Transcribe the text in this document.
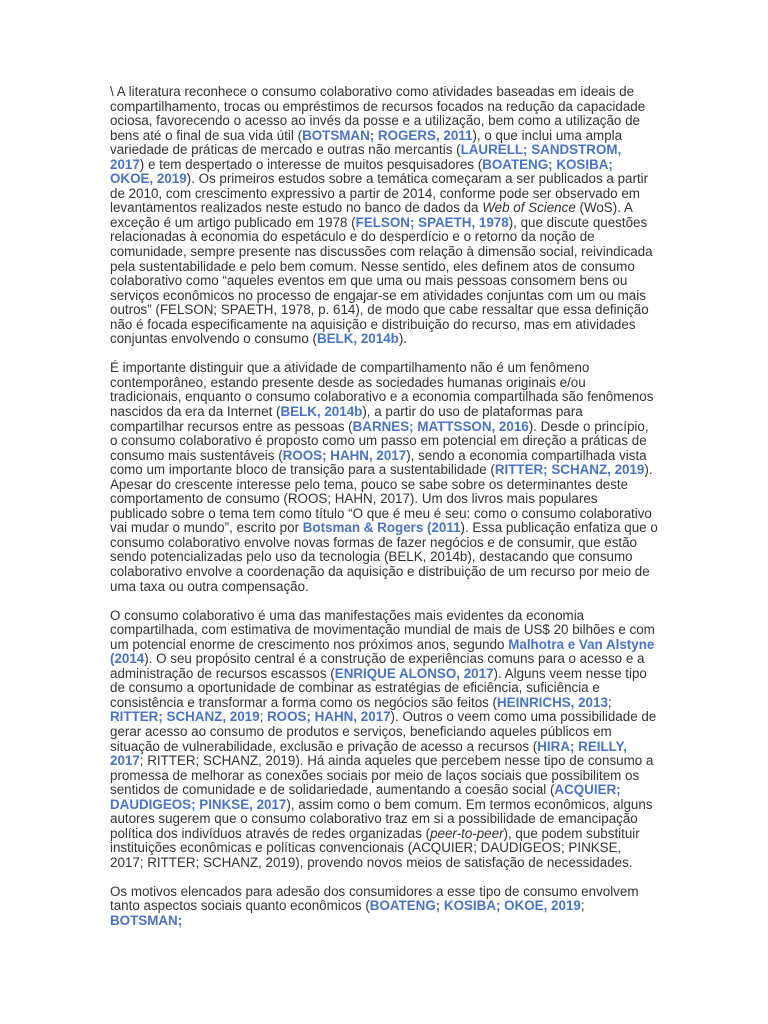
\ A literatura reconhece o consumo colaborativo como atividades baseadas em ideais de compartilhamento, trocas ou empréstimos de recursos focados na redução da capacidade ociosa, favorecendo o acesso ao invés da posse e a utilização, bem como a utilização de bens até o final de sua vida útil (BOTSMAN; ROGERS, 2011), o que inclui uma ampla variedade de práticas de mercado e outras não mercantis (LAURELL; SANDSTROM, 2017) e tem despertado o interesse de muitos pesquisadores (BOATENG; KOSIBA; OKOE, 2019). Os primeiros estudos sobre a temática começaram a ser publicados a partir de 2010, com crescimento expressivo a partir de 2014, conforme pode ser observado em levantamentos realizados neste estudo no banco de dados da Web of Science (WoS). A exceção é um artigo publicado em 1978 (FELSON; SPAETH, 1978), que discute questões relacionadas à economia do espetáculo e do desperdício e o retorno da noção de comunidade, sempre presente nas discussões com relação à dimensão social, reivindicada pela sustentabilidade e pelo bem comum. Nesse sentido, eles definem atos de consumo colaborativo como “aqueles eventos em que uma ou mais pessoas consomem bens ou serviços econômicos no processo de engajar-se em atividades conjuntas com um ou mais outros” (FELSON; SPAETH, 1978, p. 614), de modo que cabe ressaltar que essa definição não é focada especificamente na aquisição e distribuição do recurso, mas em atividades conjuntas envolvendo o consumo (BELK, 2014b).

É importante distinguir que a atividade de compartilhamento não é um fenômeno contemporâneo, estando presente desde as sociedades humanas originais e/ou tradicionais, enquanto o consumo colaborativo e a economia compartilhada são fenômenos nascidos da era da Internet (BELK, 2014b), a partir do uso de plataformas para compartilhar recursos entre as pessoas (BARNES; MATTSSON, 2016). Desde o princípio, o consumo colaborativo é proposto como um passo em potencial em direção a práticas de consumo mais sustentáveis (ROOS; HAHN, 2017), sendo a economia compartilhada vista como um importante bloco de transição para a sustentabilidade (RITTER; SCHANZ, 2019). Apesar do crescente interesse pelo tema, pouco se sabe sobre os determinantes deste comportamento de consumo (ROOS; HAHN, 2017). Um dos livros mais populares publicado sobre o tema tem como título “O que é meu é seu: como o consumo colaborativo vai mudar o mundo”, escrito por Botsman & Rogers (2011). Essa publicação enfatiza que o consumo colaborativo envolve novas formas de fazer negócios e de consumir, que estão sendo potencializadas pelo uso da tecnologia (BELK, 2014b), destacando que consumo colaborativo envolve a coordenação da aquisição e distribuição de um recurso por meio de uma taxa ou outra compensação.

O consumo colaborativo é uma das manifestações mais evidentes da economia compartilhada, com estimativa de movimentação mundial de mais de US$ 20 bilhões e com um potencial enorme de crescimento nos próximos anos, segundo Malhotra e Van Alstyne (2014). O seu propósito central é a construção de experiências comuns para o acesso e a administração de recursos escassos (ENRIQUE ALONSO, 2017). Alguns veem nesse tipo de consumo a oportunidade de combinar as estratégias de eficiência, suficiência e consistência e transformar a forma como os negócios são feitos (HEINRICHS, 2013; RITTER; SCHANZ, 2019; ROOS; HAHN, 2017). Outros o veem como uma possibilidade de gerar acesso ao consumo de produtos e serviços, beneficiando aqueles públicos em situação de vulnerabilidade, exclusão e privação de acesso a recursos (HIRA; REILLY, 2017; RITTER; SCHANZ, 2019). Há ainda aqueles que percebem nesse tipo de consumo a promessa de melhorar as conexões sociais por meio de laços sociais que possibilitem os sentidos de comunidade e de solidariedade, aumentando a coesão social (ACQUIER; DAUDIGEOS; PINKSE, 2017), assim como o bem comum. Em termos econômicos, alguns autores sugerem que o consumo colaborativo traz em si a possibilidade de emancipação política dos indivíduos através de redes organizadas (peer-to-peer), que podem substituir instituições econômicas e políticas convencionais (ACQUIER; DAUDIGEOS; PINKSE, 2017; RITTER; SCHANZ, 2019), provendo novos meios de satisfação de necessidades.

Os motivos elencados para adesão dos consumidores a esse tipo de consumo envolvem tanto aspectos sociais quanto econômicos (BOATENG; KOSIBA; OKOE, 2019; BOTSMAN;
